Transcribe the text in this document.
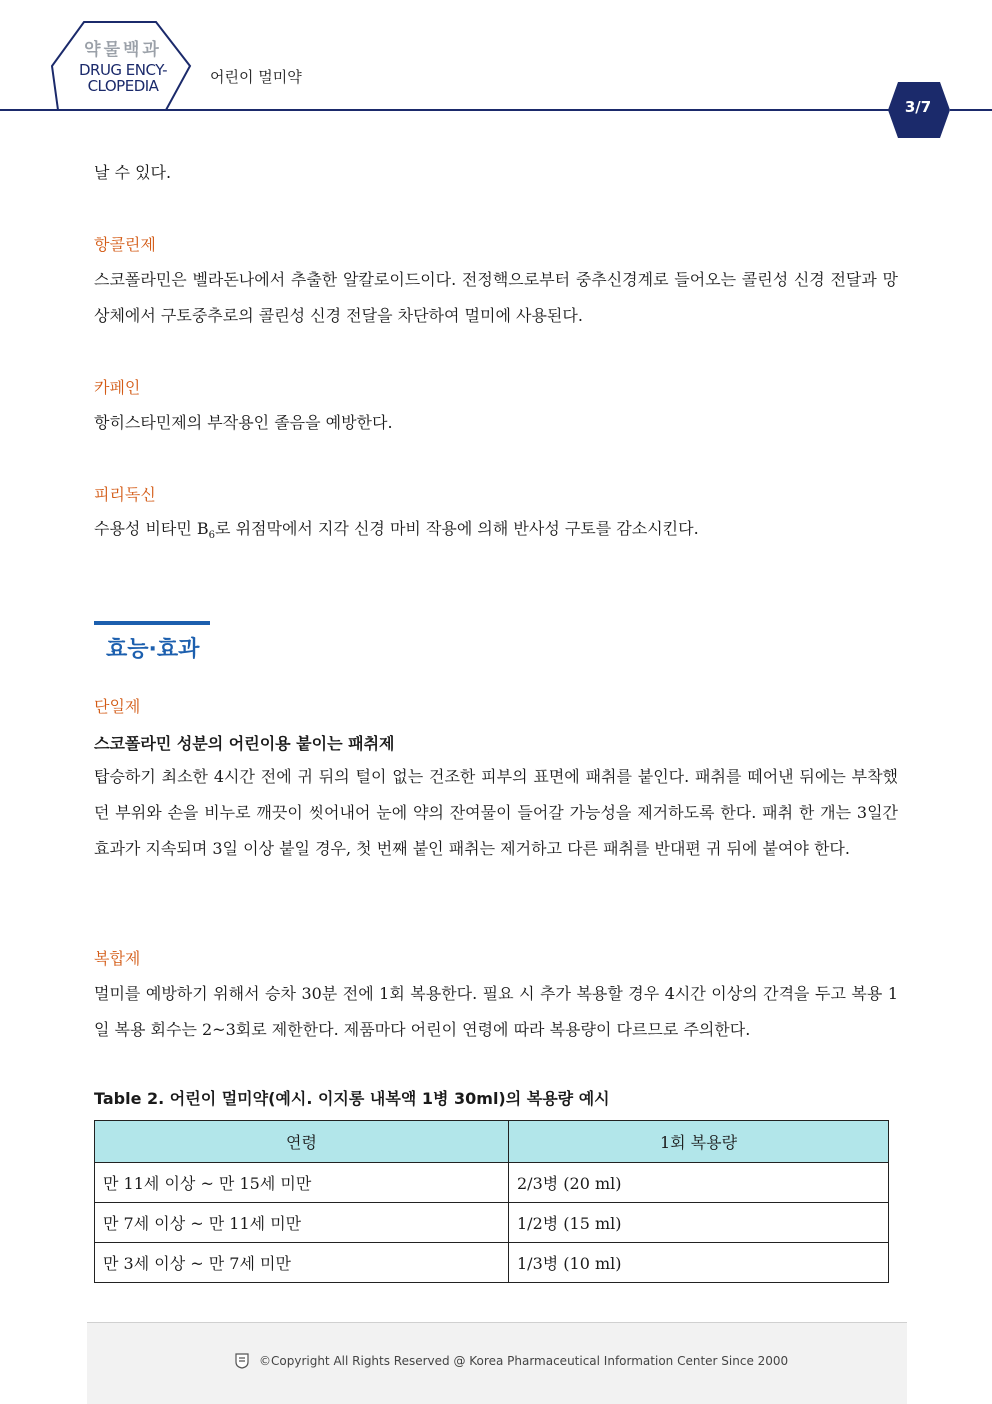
약물백과
DRUG ENCY-
CLOPEDIA	어린이 멀미약
3/7

날 수 있다.

항콜린제

스코폴라민은 벨라돈나에서 추출한 알칼로이드이다. 전정핵으로부터 중추신경계로 들어오는 콜린성 신경 전달과 망상체에서 구토중추로의 콜린성 신경 전달을 차단하여 멀미에 사용된다.

카페인

항히스타민제의 부작용인 졸음을 예방한다.

피리독신

수용성 비타민 $B_6$로 위점막에서 지각 신경 마비 작용에 의해 반사성 구토를 감소시킨다.

효능·효과

단일제

스코폴라민 성분의 어린이용 붙이는 패취제

탑승하기 최소한 4시간 전에 귀 뒤의 털이 없는 건조한 피부의 표면에 패취를 붙인다. 패취를 떼어낸 뒤에는 부착했던 부위와 손을 비누로 깨끗이 씻어내어 눈에 약의 잔여물이 들어갈 가능성을 제거하도록 한다. 패취 한 개는 3일간 효과가 지속되며 3일 이상 붙일 경우, 첫 번째 붙인 패취는 제거하고 다른 패취를 반대편 귀 뒤에 붙여야 한다.

복합제

멀미를 예방하기 위해서 승차 30분 전에 1회 복용한다. 필요 시 추가 복용할 경우 4시간 이상의 간격을 두고 복용 1일 복용 회수는 2~3회로 제한한다. 제품마다 어린이 연령에 따라 복용량이 다르므로 주의한다.

Table 2. 어린이 멀미약(예시. 이지롱 내복액 1병 30ml)의 복용량 예시

연령	1회 복용량
만 11세 이상 ~ 만 15세 미만	2/3병 (20 ml)
만 7세 이상 ~ 만 11세 미만	1/2병 (15 ml)
만 3세 이상 ~ 만 7세 미만	1/3병 (10 ml)
©Copyright All Rights Reserved @ Korea Pharmaceutical Information Center Since 2000
